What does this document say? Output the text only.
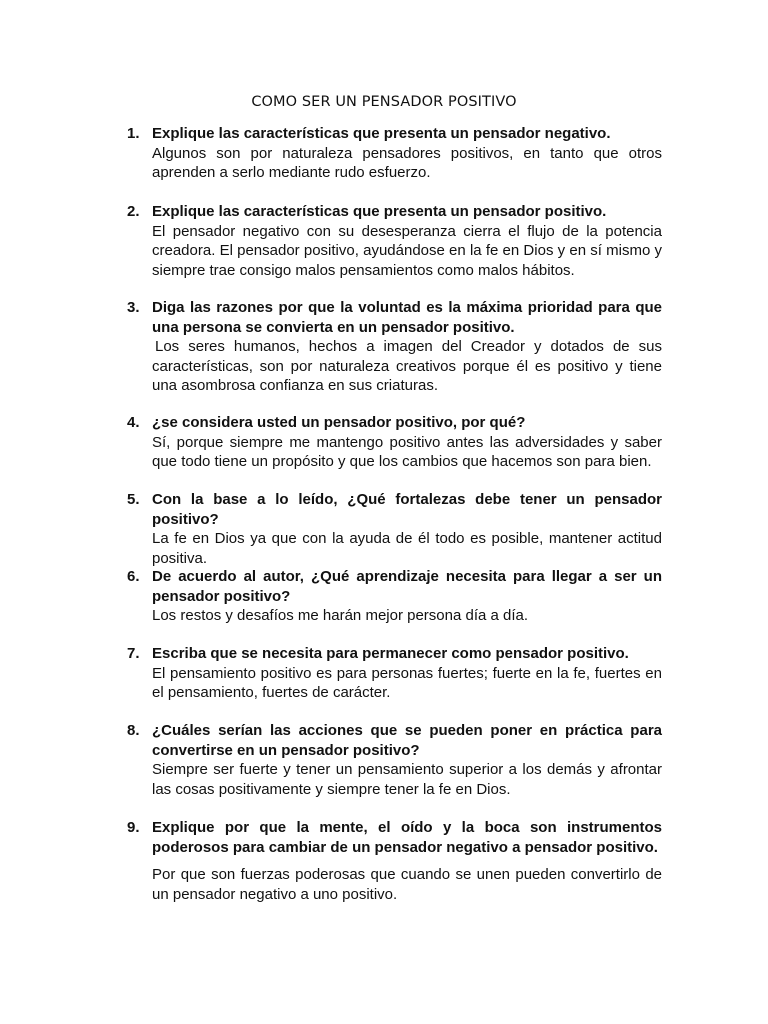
COMO SER UN PENSADOR POSITIVO
1. Explique las características que presenta un pensador negativo.
Algunos son por naturaleza pensadores positivos, en tanto que otros aprenden a serlo mediante rudo esfuerzo.
2. Explique las características que presenta un pensador positivo.
El pensador negativo con su desesperanza cierra el flujo de la potencia creadora. El pensador positivo, ayudándose en la fe en Dios y en sí mismo y siempre trae consigo malos pensamientos como malos hábitos.
3. Diga las razones por que la voluntad es la máxima prioridad para que una persona se convierta en un pensador positivo.
Los seres humanos, hechos a imagen del Creador y dotados de sus características, son por naturaleza creativos porque él es positivo y tiene una asombrosa confianza en sus criaturas.
4. ¿se considera usted un pensador positivo, por qué?
Sí, porque siempre me mantengo positivo antes las adversidades y saber que todo tiene un propósito y que los cambios que hacemos son para bien.
5. Con la base a lo leído, ¿Qué fortalezas debe tener un pensador positivo?
La fe en Dios ya que con la ayuda de él todo es posible, mantener actitud positiva.
6. De acuerdo al autor, ¿Qué aprendizaje necesita para llegar a ser un pensador positivo?
Los restos y desafíos me harán mejor persona día a día.
7. Escriba que se necesita para permanecer como pensador positivo.
El pensamiento positivo es para personas fuertes; fuerte en la fe, fuertes en el pensamiento, fuertes de carácter.
8. ¿Cuáles serían las acciones que se pueden poner en práctica para convertirse en un pensador positivo?
Siempre ser fuerte y tener un pensamiento superior a los demás y afrontar las cosas positivamente y siempre tener la fe en Dios.
9. Explique por que la mente, el oído y la boca son instrumentos poderosos para cambiar de un pensador negativo a pensador positivo.
Por que son fuerzas poderosas que cuando se unen pueden convertirlo de un pensador negativo a uno positivo.
